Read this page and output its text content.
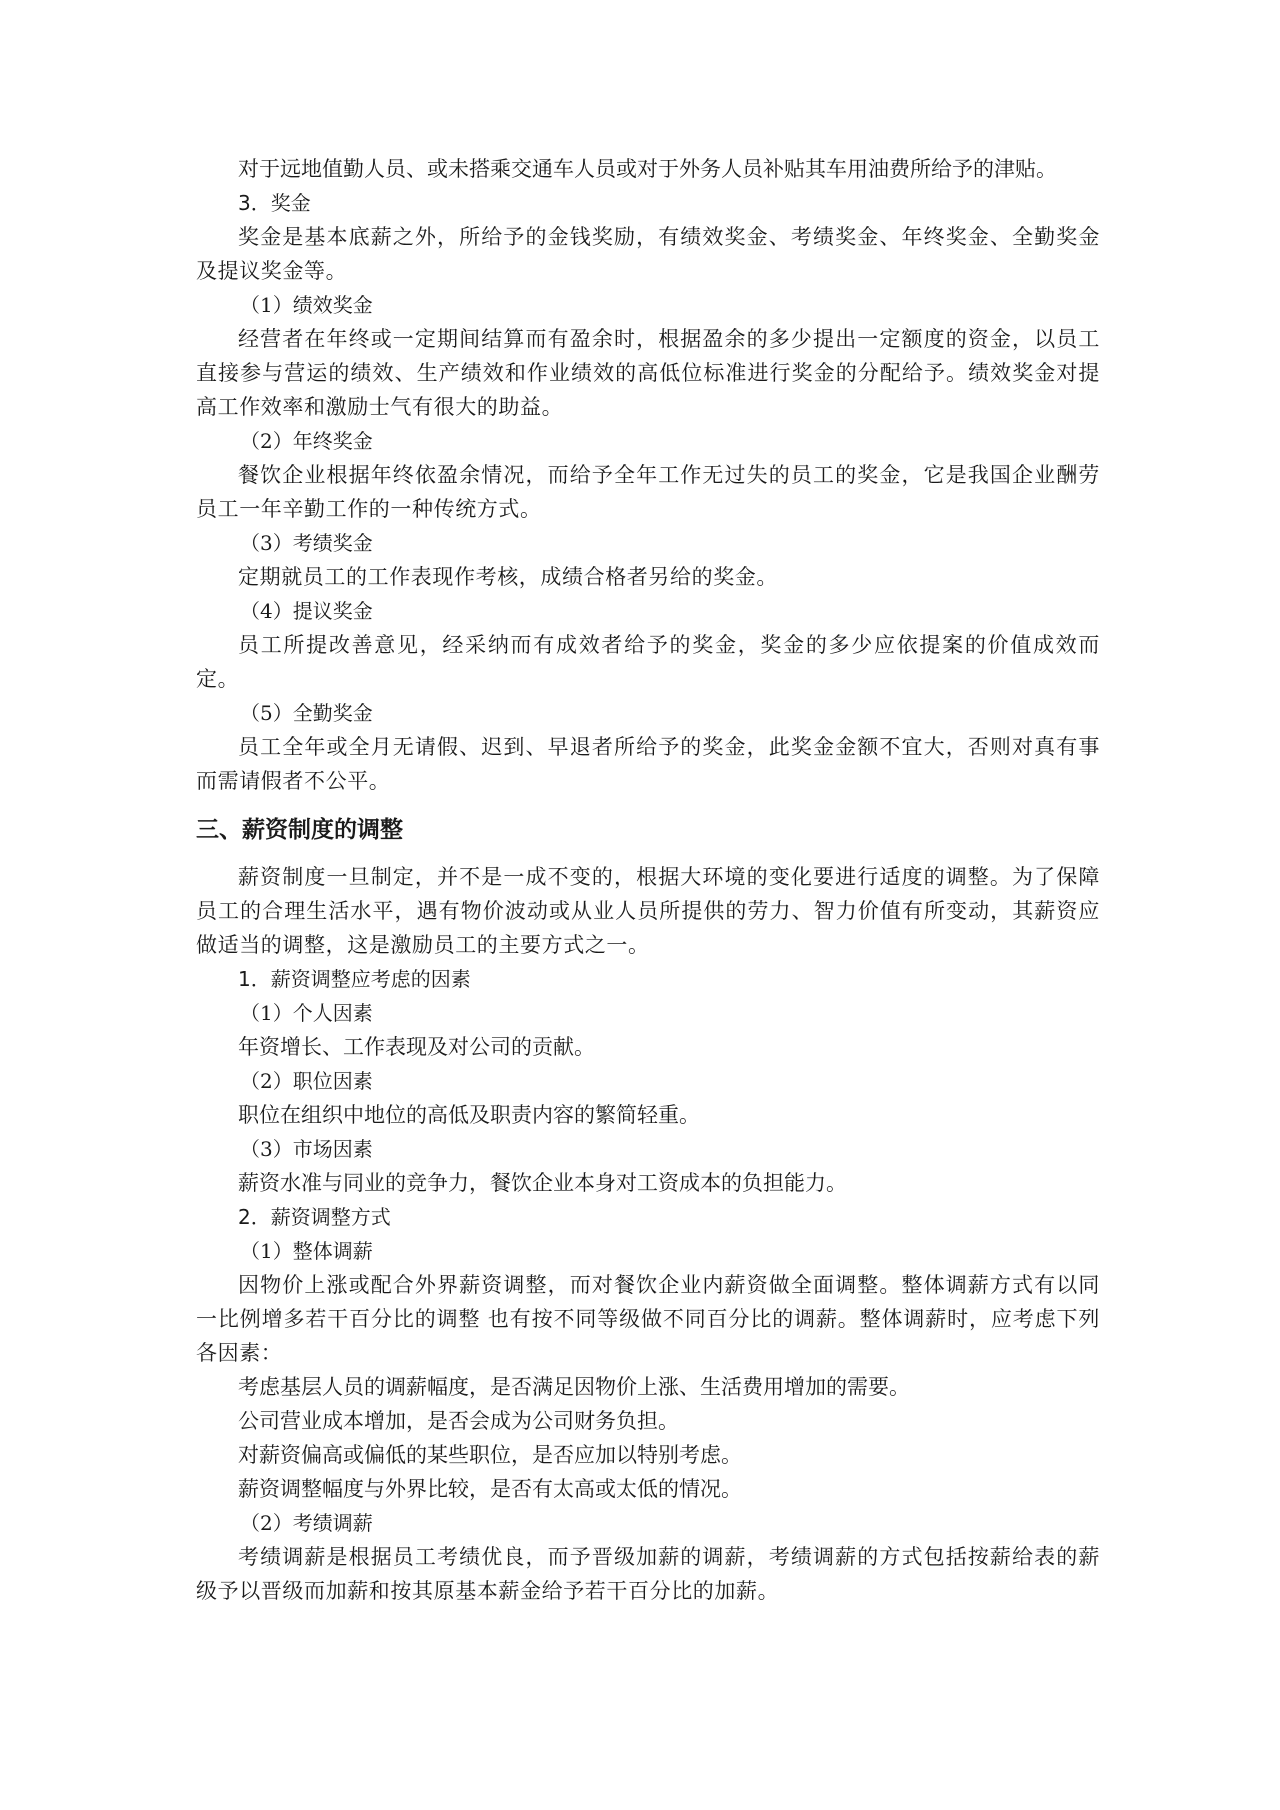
对于远地值勤人员、或未搭乘交通车人员或对于外务人员补贴其车用油费所给予的津贴。

3．奖金

奖金是基本底薪之外，所给予的金钱奖励，有绩效奖金、考绩奖金、年终奖金、全勤奖金及提议奖金等。

（1）绩效奖金

经营者在年终或一定期间结算而有盈余时，根据盈余的多少提出一定额度的资金，以员工直接参与营运的绩效、生产绩效和作业绩效的高低位标准进行奖金的分配给予。绩效奖金对提高工作效率和激励士气有很大的助益。

（2）年终奖金

餐饮企业根据年终依盈余情况，而给予全年工作无过失的员工的奖金，它是我国企业酬劳员工一年辛勤工作的一种传统方式。

（3）考绩奖金

定期就员工的工作表现作考核，成绩合格者另给的奖金。

（4）提议奖金

员工所提改善意见，经采纳而有成效者给予的奖金，奖金的多少应依提案的价值成效而定。

（5）全勤奖金

员工全年或全月无请假、迟到、早退者所给予的奖金，此奖金金额不宜大，否则对真有事而需请假者不公平。

三、薪资制度的调整

薪资制度一旦制定，并不是一成不变的，根据大环境的变化要进行适度的调整。为了保障员工的合理生活水平，遇有物价波动或从业人员所提供的劳力、智力价值有所变动，其薪资应做适当的调整，这是激励员工的主要方式之一。

1．薪资调整应考虑的因素

（1）个人因素

年资增长、工作表现及对公司的贡献。

（2）职位因素

职位在组织中地位的高低及职责内容的繁简轻重。

（3）市场因素

薪资水准与同业的竞争力，餐饮企业本身对工资成本的负担能力。

2．薪资调整方式

（1）整体调薪

因物价上涨或配合外界薪资调整，而对餐饮企业内薪资做全面调整。整体调薪方式有以同一比例增多若干百分比的调整 也有按不同等级做不同百分比的调薪。整体调薪时，应考虑下列各因素：

考虑基层人员的调薪幅度，是否满足因物价上涨、生活费用增加的需要。

公司营业成本增加，是否会成为公司财务负担。

对薪资偏高或偏低的某些职位，是否应加以特别考虑。

薪资调整幅度与外界比较，是否有太高或太低的情况。

（2）考绩调薪

考绩调薪是根据员工考绩优良，而予晋级加薪的调薪，考绩调薪的方式包括按薪给表的薪级予以晋级而加薪和按其原基本薪金给予若干百分比的加薪。
